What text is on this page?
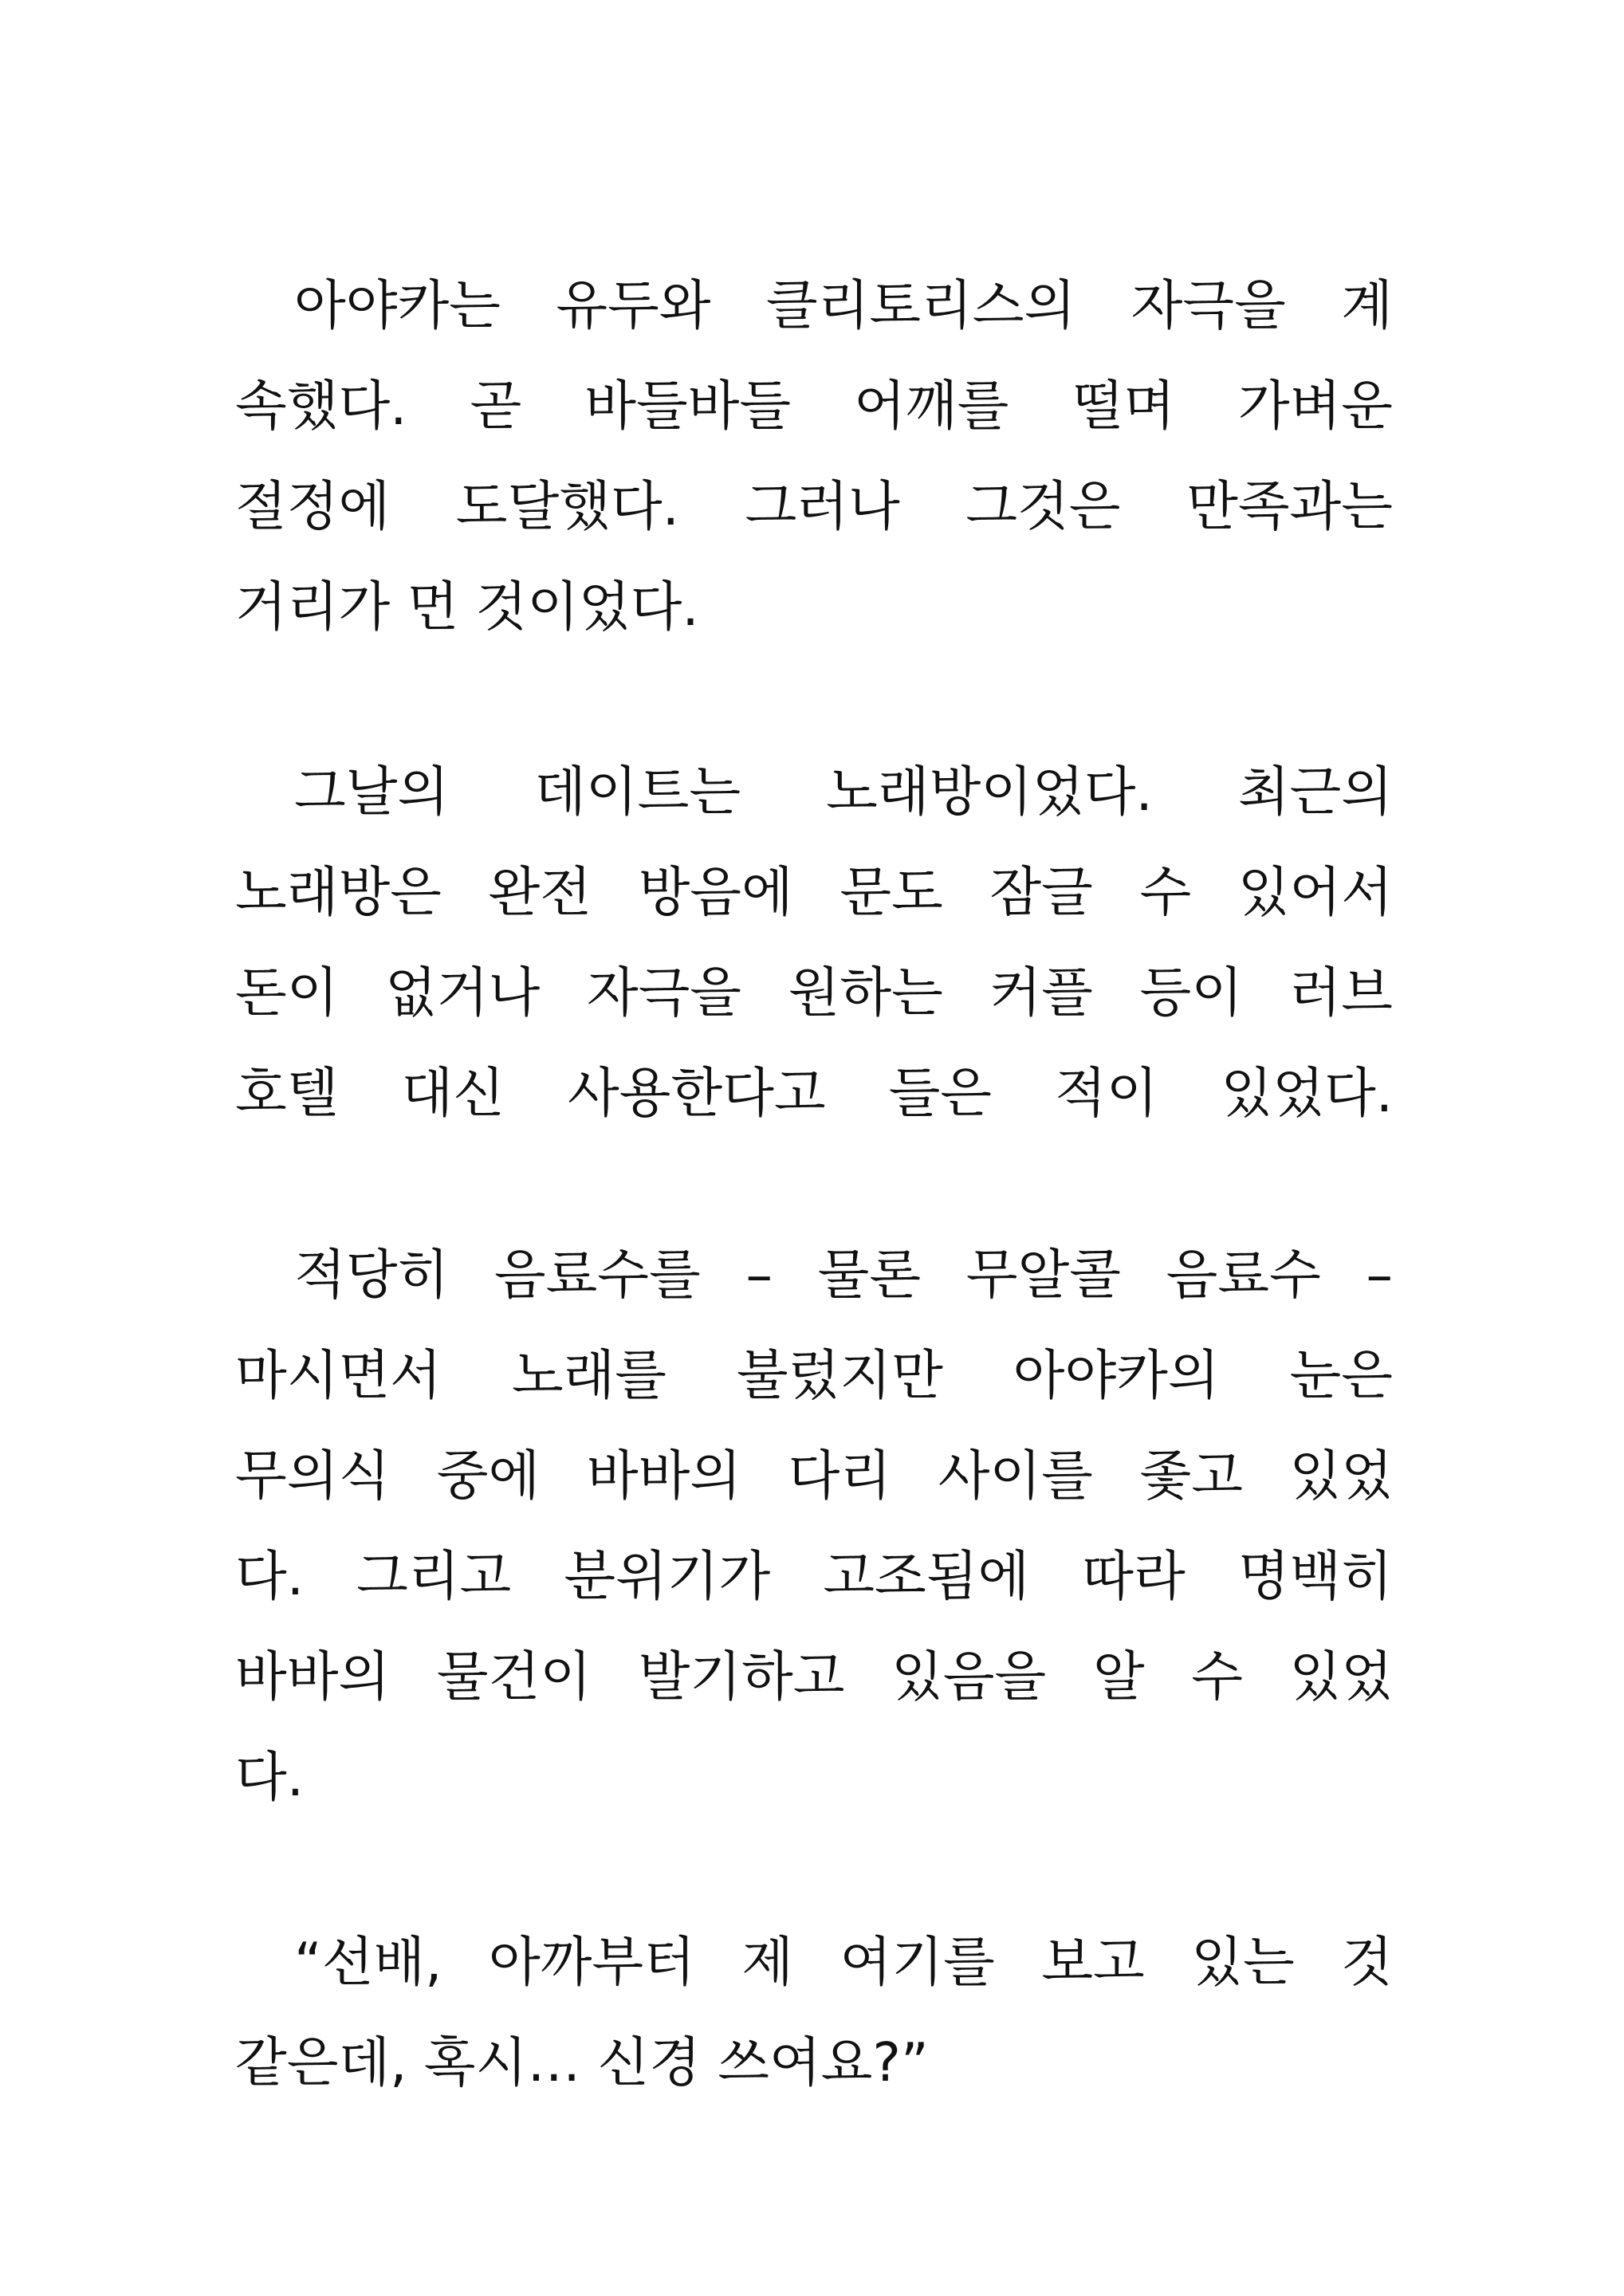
아야카는 유두와 클리토리스의 자극을 계
속했다. 곧 바들바들 어깨를 떨며 가벼운
절정에 도달했다. 그러나 그것은 만족과는
거리가 먼 것이었다.
그날의 데이트는 노래방이었다. 최근의
노래방은 완전 방음에 문도 잠글 수 있어서
돈이 없거나 자극을 원하는 커플 등이 러브
호텔 대신 사용한다고 들은 적이 있었다.
적당히 음료수를 – 물론 무알콜 음료수 –
마시면서 노래를 불렀지만 아야카의 눈은
무의식 중에 바바의 다리 사이를 좇고 있었
다. 그리고 분위기가 고조됨에 따라 명백히
바바의 물건이 발기하고 있음을 알 수 있었
다.
“선배, 아까부터 제 여기를 보고 있는 것
같은데, 혹시… 신경 쓰여요?”
